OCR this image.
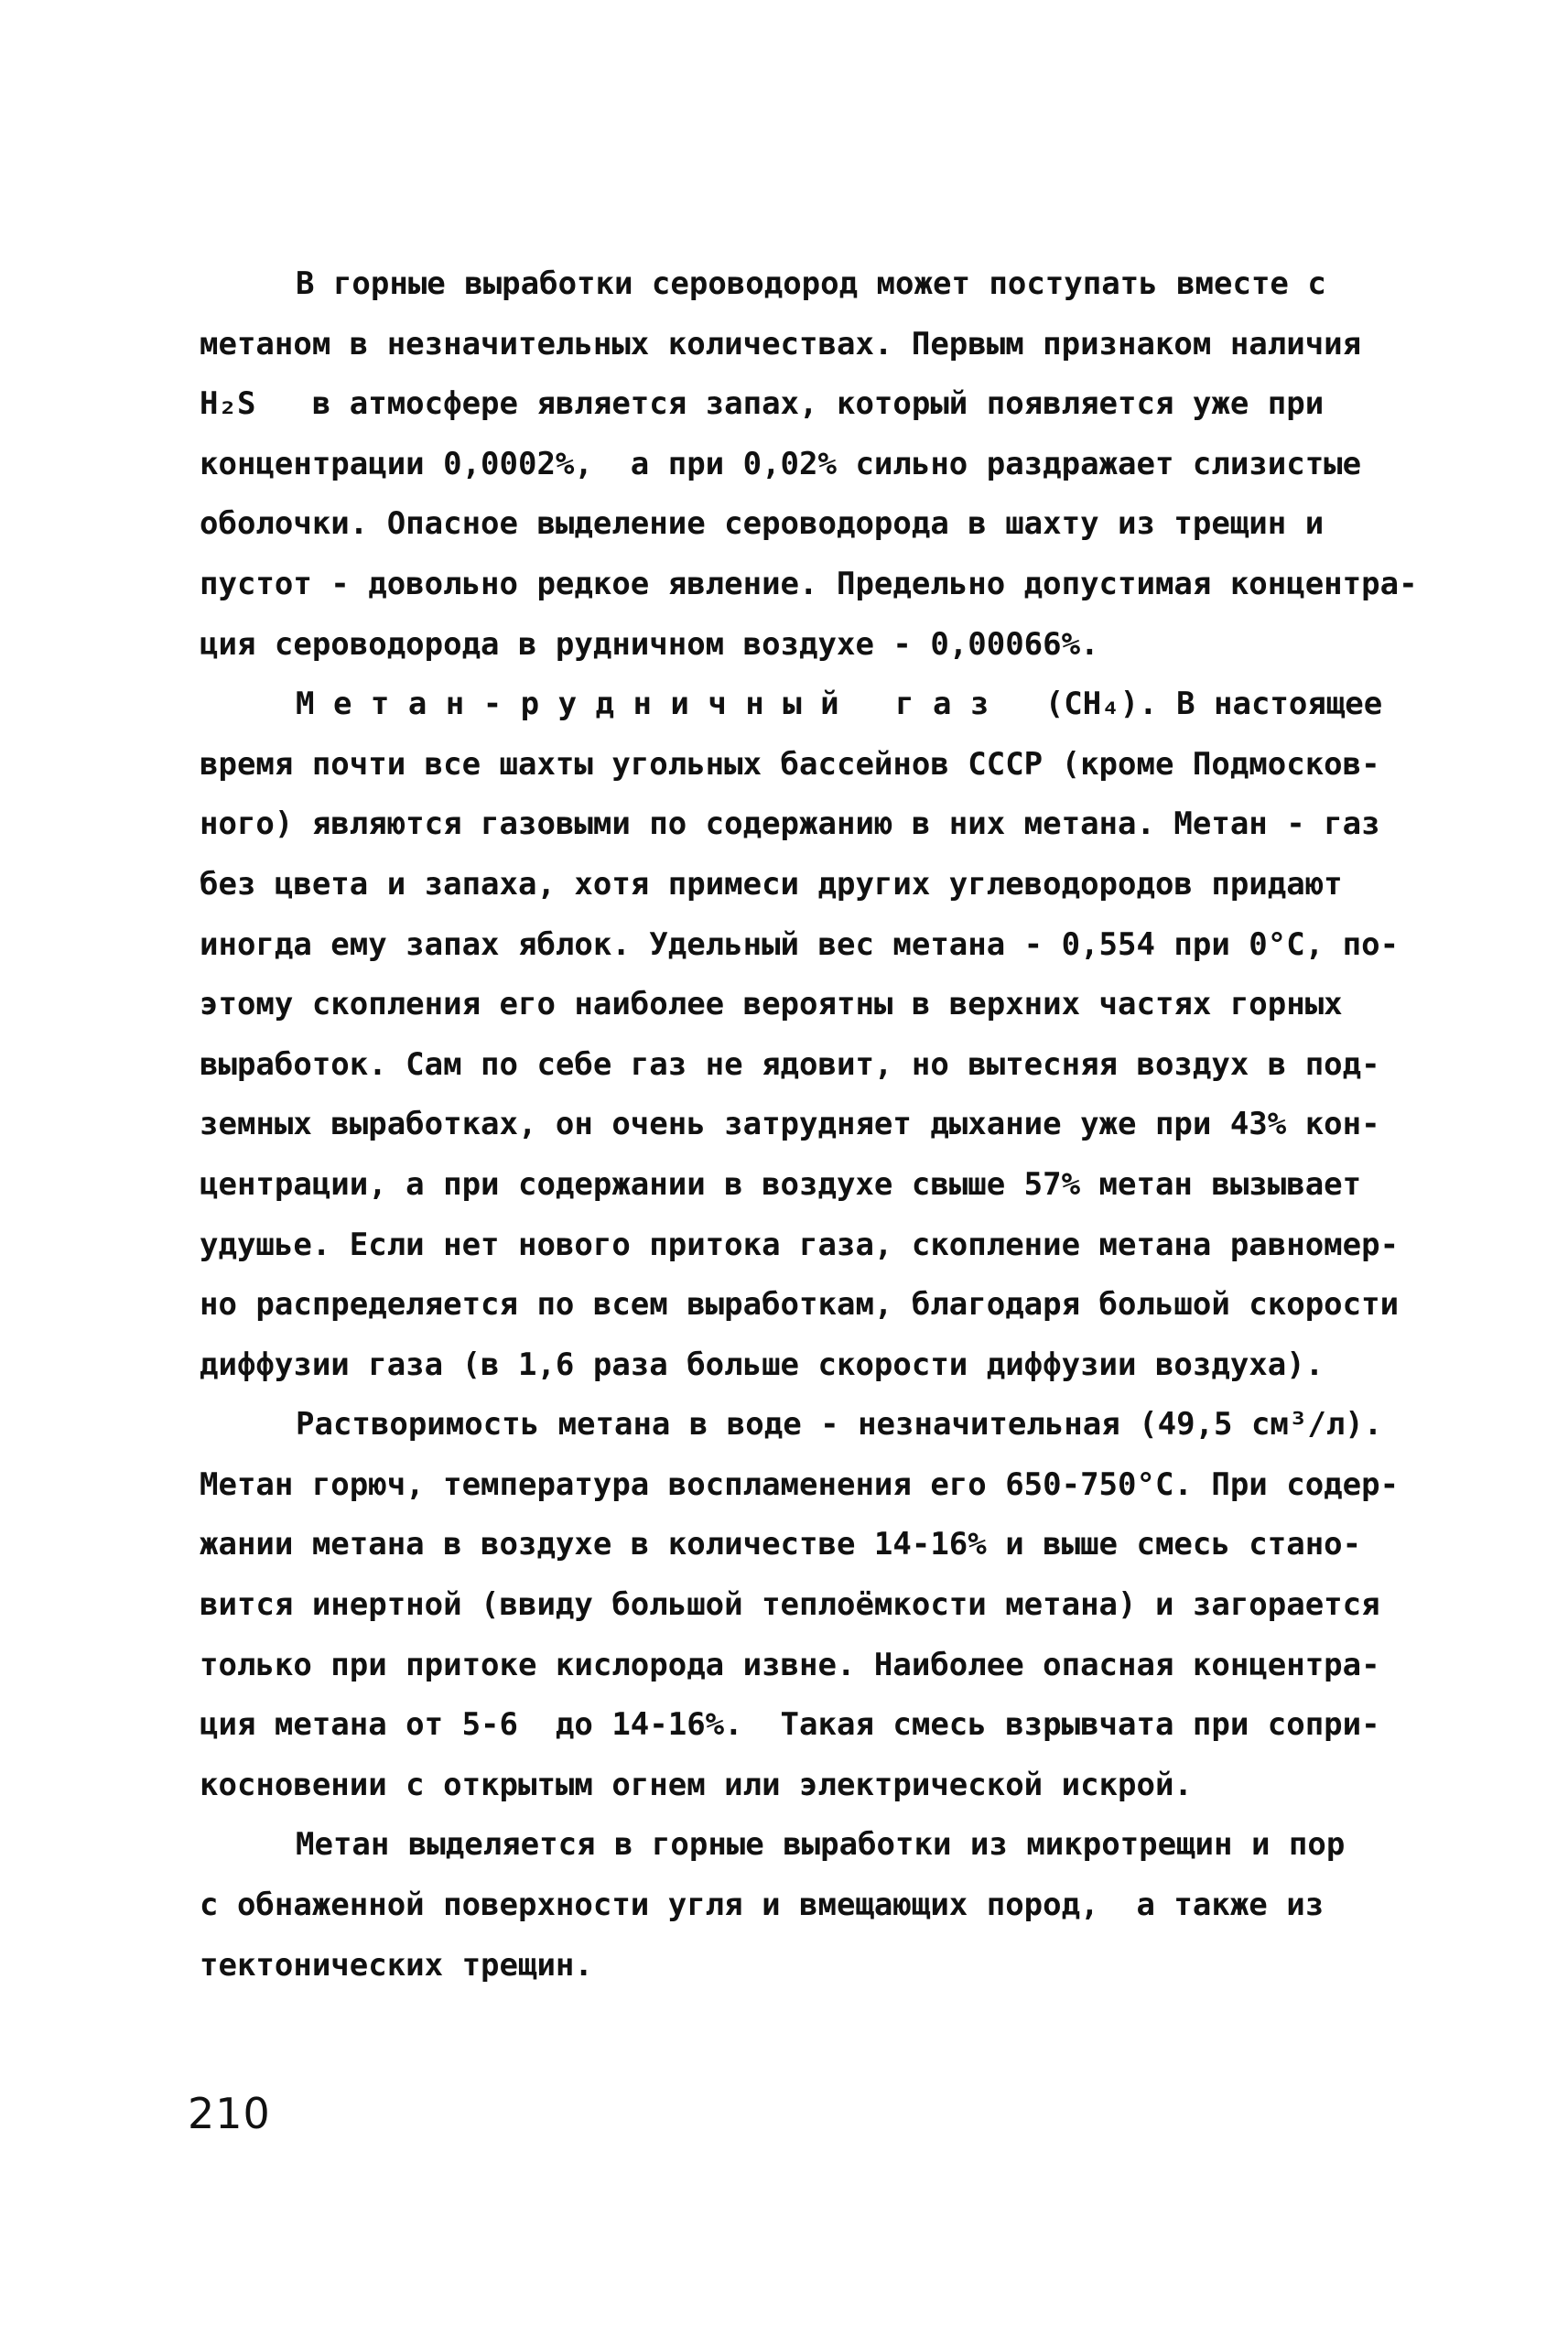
В горные выработки сероводород может поступать вместе с
метаном в незначительных количествах. Первым признаком наличия
H₂S   в атмосфере является запах, который появляется уже при
концентрации 0,0002%,  а при 0,02% сильно раздражает слизистые
оболочки. Опасное выделение сероводорода в шахту из трещин и
пустот - довольно редкое явление. Предельно допустимая концентра-
ция сероводорода в рудничном воздухе - 0,00066%.
М е т а н - р у д н и ч н ы й   г а з   (CH₄). В настоящее
время почти все шахты угольных бассейнов СССР (кроме Подмосков-
ного) являются газовыми по содержанию в них метана. Метан - газ
без цвета и запаха, хотя примеси других углеводородов придают
иногда ему запах яблок. Удельный вес метана - 0,554 при 0°С, по-
этому скопления его наиболее вероятны в верхних частях горных
выработок. Сам по себе газ не ядовит, но вытесняя воздух в под-
земных выработках, он очень затрудняет дыхание уже при 43% кон-
центрации, а при содержании в воздухе свыше 57% метан вызывает
удушье. Если нет нового притока газа, скопление метана равномер-
но распределяется по всем выработкам, благодаря большой скорости
диффузии газа (в 1,6 раза больше скорости диффузии воздуха).
Растворимость метана в воде - незначительная (49,5 см³/л).
Метан горюч, температура воспламенения его 650-750°С. При содер-
жании метана в воздухе в количестве 14-16% и выше смесь стано-
вится инертной (ввиду большой теплоёмкости метана) и загорается
только при притоке кислорода извне. Наиболее опасная концентра-
ция метана от 5-6  до 14-16%.  Такая смесь взрывчата при сопри-
косновении с открытым огнем или электрической искрой.
Метан выделяется в горные выработки из микротрещин и пор
с обнаженной поверхности угля и вмещающих пород,  а также из
тектонических трещин.
210
